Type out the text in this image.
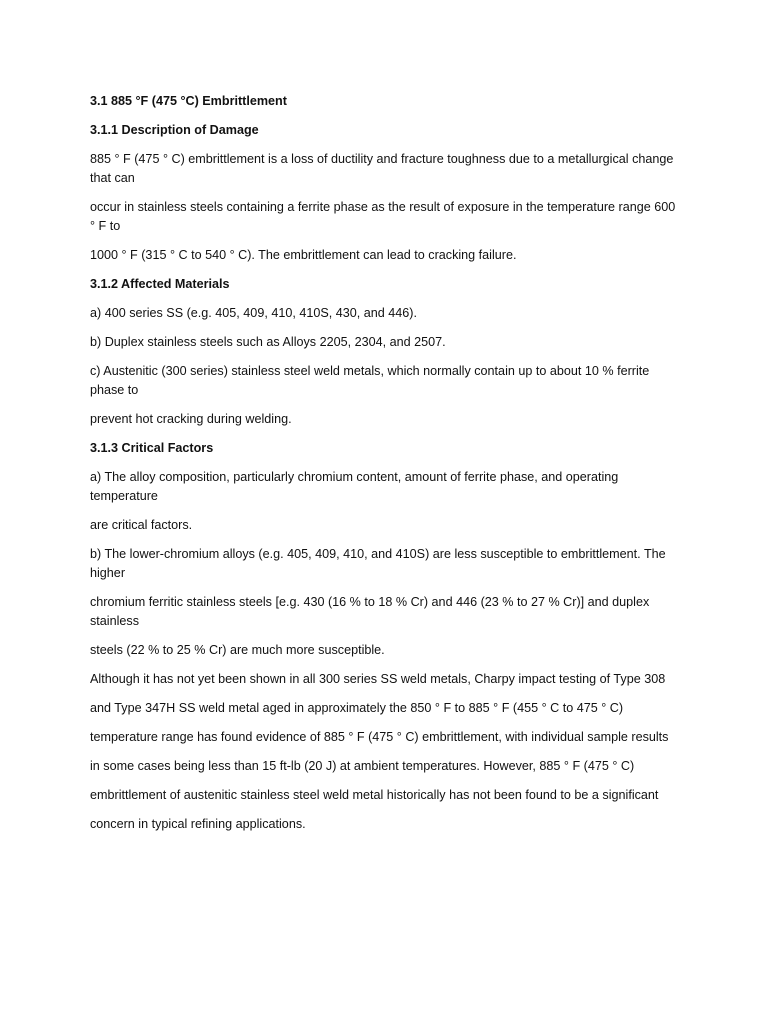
3.1 885 °F (475 °C) Embrittlement
3.1.1 Description of Damage

885 ° F (475 ° C) embrittlement is a loss of ductility and fracture toughness due to a metallurgical change that can

occur in stainless steels containing a ferrite phase as the result of exposure in the temperature range 600 ° F to

1000 ° F (315 ° C to 540 ° C). The embrittlement can lead to cracking failure.

3.1.2 Affected Materials

a) 400 series SS (e.g. 405, 409, 410, 410S, 430, and 446).

b) Duplex stainless steels such as Alloys 2205, 2304, and 2507.

c) Austenitic (300 series) stainless steel weld metals, which normally contain up to about 10 % ferrite phase to

prevent hot cracking during welding.

3.1.3 Critical Factors

a) The alloy composition, particularly chromium content, amount of ferrite phase, and operating temperature

are critical factors.

b) The lower-chromium alloys (e.g. 405, 409, 410, and 410S) are less susceptible to embrittlement. The higher

chromium ferritic stainless steels [e.g. 430 (16 % to 18 % Cr) and 446 (23 % to 27 % Cr)] and duplex stainless

steels (22 % to 25 % Cr) are much more susceptible.

Although it has not yet been shown in all 300 series SS weld metals, Charpy impact testing of Type 308

and Type 347H SS weld metal aged in approximately the 850 ° F to 885 ° F (455 ° C to 475 ° C)

temperature range has found evidence of 885 ° F (475 ° C) embrittlement, with individual sample results

in some cases being less than 15 ft-lb (20 J) at ambient temperatures. However, 885 ° F (475 ° C)

embrittlement of austenitic stainless steel weld metal historically has not been found to be a significant

concern in typical refining applications.
